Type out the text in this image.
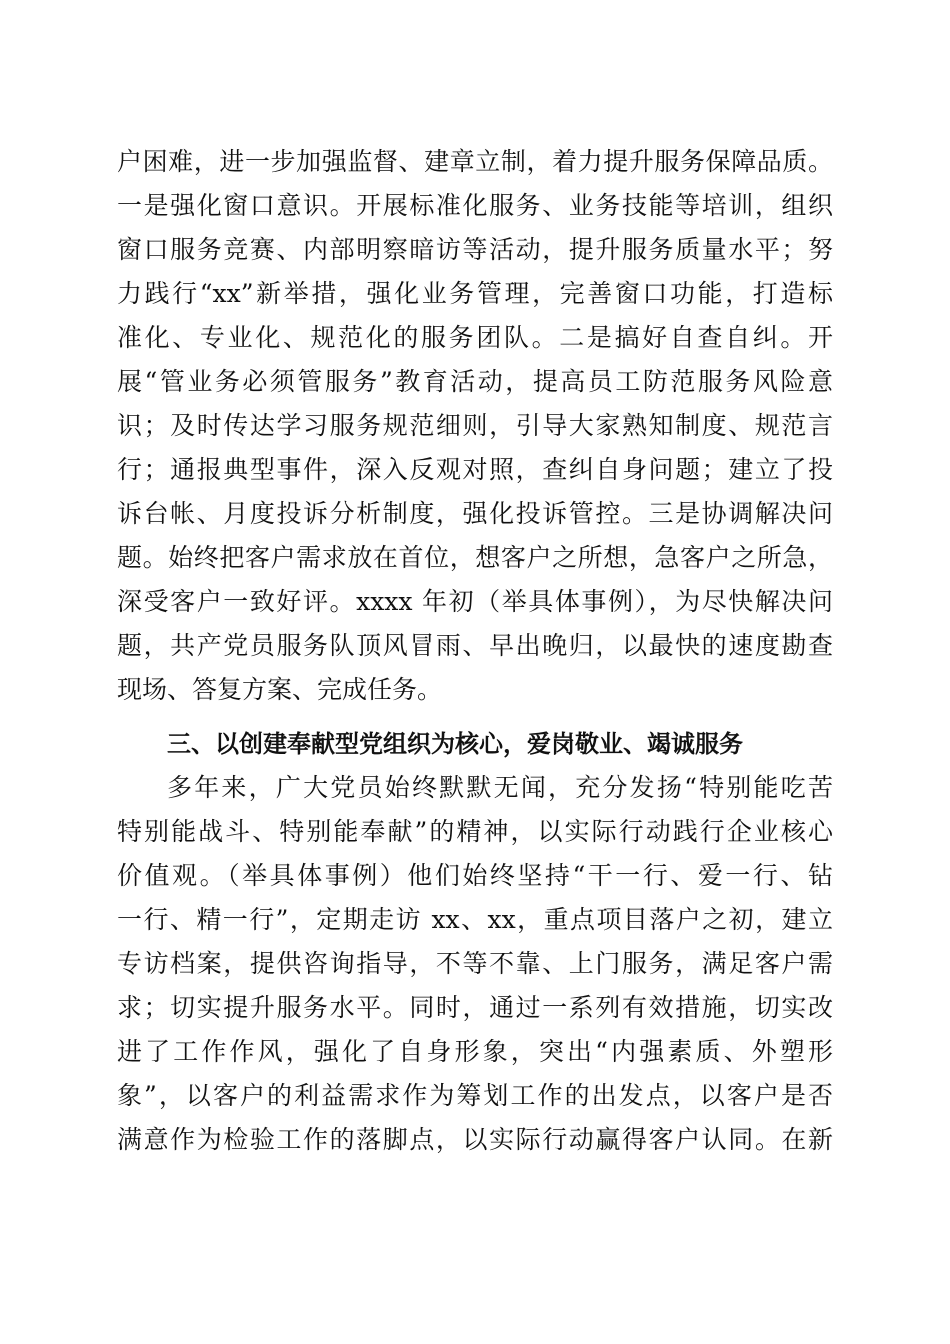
户困难，进一步加强监督、建章立制，着力提升服务保障品质。
一是强化窗口意识。开展标准化服务、业务技能等培训，组织
窗口服务竞赛、内部明察暗访等活动，提升服务质量水平；努
力践行“xx”新举措，强化业务管理，完善窗口功能，打造标
准化、专业化、规范化的服务团队。二是搞好自查自纠。开
展“管业务必须管服务”教育活动，提高员工防范服务风险意
识；及时传达学习服务规范细则，引导大家熟知制度、规范言
行；通报典型事件，深入反观对照，查纠自身问题；建立了投
诉台帐、月度投诉分析制度，强化投诉管控。三是协调解决问
题。始终把客户需求放在首位，想客户之所想，急客户之所急，
深受客户一致好评。xxxx 年初（举具体事例），为尽快解决问
题，共产党员服务队顶风冒雨、早出晚归，以最快的速度勘查
现场、答复方案、完成任务。
三、以创建奉献型党组织为核心，爱岗敬业、竭诚服务
多年来，广大党员始终默默无闻，充分发扬“特别能吃苦
特别能战斗、特别能奉献”的精神，以实际行动践行企业核心
价值观。（举具体事例）他们始终坚持“干一行、爱一行、钻
一行、精一行”，定期走访 xx、xx，重点项目落户之初，建立
专访档案，提供咨询指导，不等不靠、上门服务，满足客户需
求；切实提升服务水平。同时，通过一系列有效措施，切实改
进了工作作风，强化了自身形象，突出“内强素质、外塑形
象”，以客户的利益需求作为筹划工作的出发点，以客户是否
满意作为检验工作的落脚点，以实际行动赢得客户认同。在新
